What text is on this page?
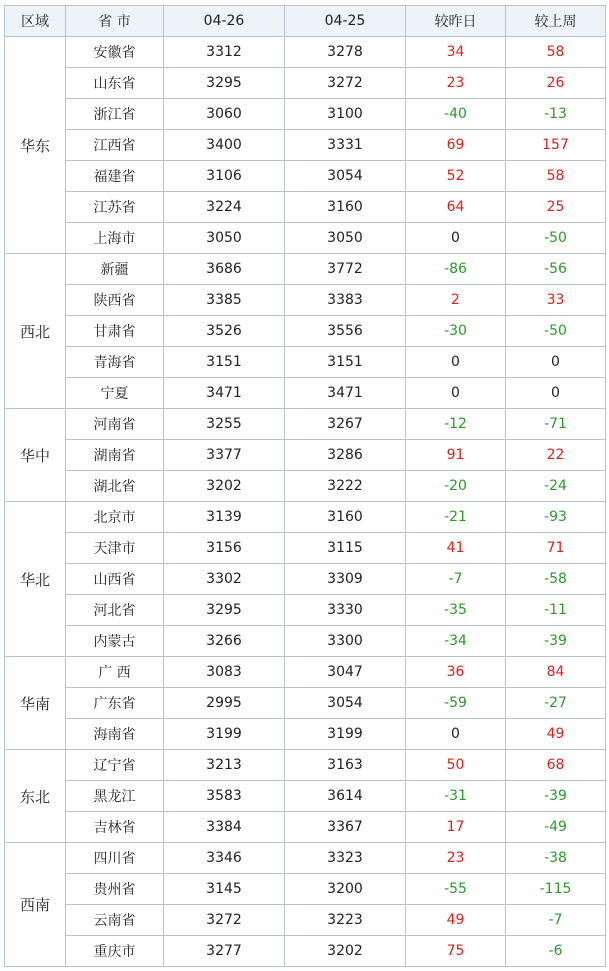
区域	省 市	04-26	04-25	较昨日	较上周
华东	安徽省	3312	3278	34	58
	山东省	3295	3272	23	26
	浙江省	3060	3100	-40	-13
	江西省	3400	3331	69	157
	福建省	3106	3054	52	58
	江苏省	3224	3160	64	25
	上海市	3050	3050	0	-50
西北	新疆	3686	3772	-86	-56
	陕西省	3385	3383	2	33
	甘肃省	3526	3556	-30	-50
	青海省	3151	3151	0	0
	宁夏	3471	3471	0	0
华中	河南省	3255	3267	-12	-71
	湖南省	3377	3286	91	22
	湖北省	3202	3222	-20	-24
华北	北京市	3139	3160	-21	-93
	天津市	3156	3115	41	71
	山西省	3302	3309	-7	-58
	河北省	3295	3330	-35	-11
	内蒙古	3266	3300	-34	-39
华南	广 西	3083	3047	36	84
	广东省	2995	3054	-59	-27
	海南省	3199	3199	0	49
东北	辽宁省	3213	3163	50	68
	黑龙江	3583	3614	-31	-39
	吉林省	3384	3367	17	-49
西南	四川省	3346	3323	23	-38
	贵州省	3145	3200	-55	-115
	云南省	3272	3223	49	-7
	重庆市	3277	3202	75	-6
